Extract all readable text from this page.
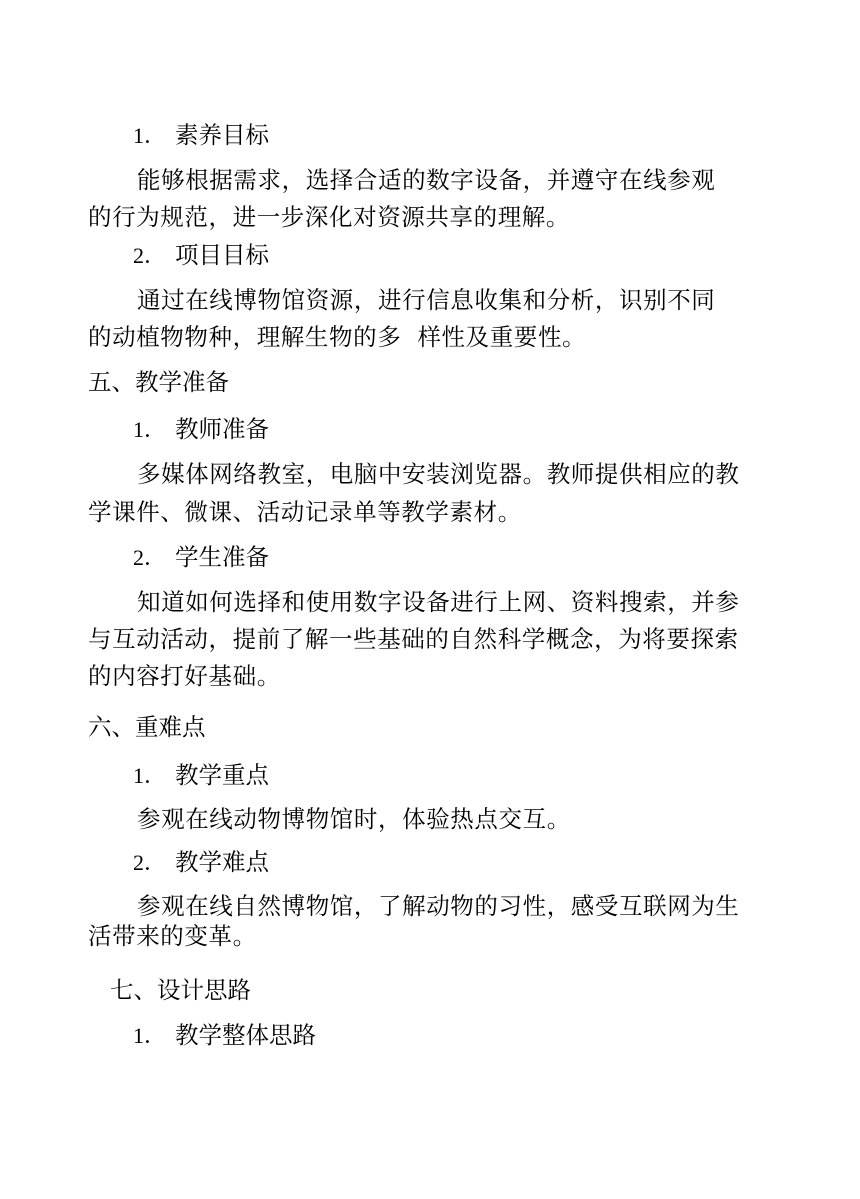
1． 素养目标
能够根据需求，选择合适的数字设备，并遵守在线参观
的行为规范，进一步深化对资源共享的理解。
2． 项目目标
通过在线博物馆资源，进行信息收集和分析，识别不同
的动植物物种，理解生物的多  样性及重要性。
五、教学准备
1． 教师准备
多媒体网络教室，电脑中安装浏览器。教师提供相应的教
学课件、微课、活动记录单等教学素材。
2． 学生准备
知道如何选择和使用数字设备进行上网、资料搜索，并参
与互动活动，提前了解一些基础的自然科学概念，为将要探索
的内容打好基础。
六、重难点
1． 教学重点
参观在线动物博物馆时，体验热点交互。
2． 教学难点
参观在线自然博物馆，了解动物的习性，感受互联网为生
活带来的变革。
七、设计思路
1． 教学整体思路
